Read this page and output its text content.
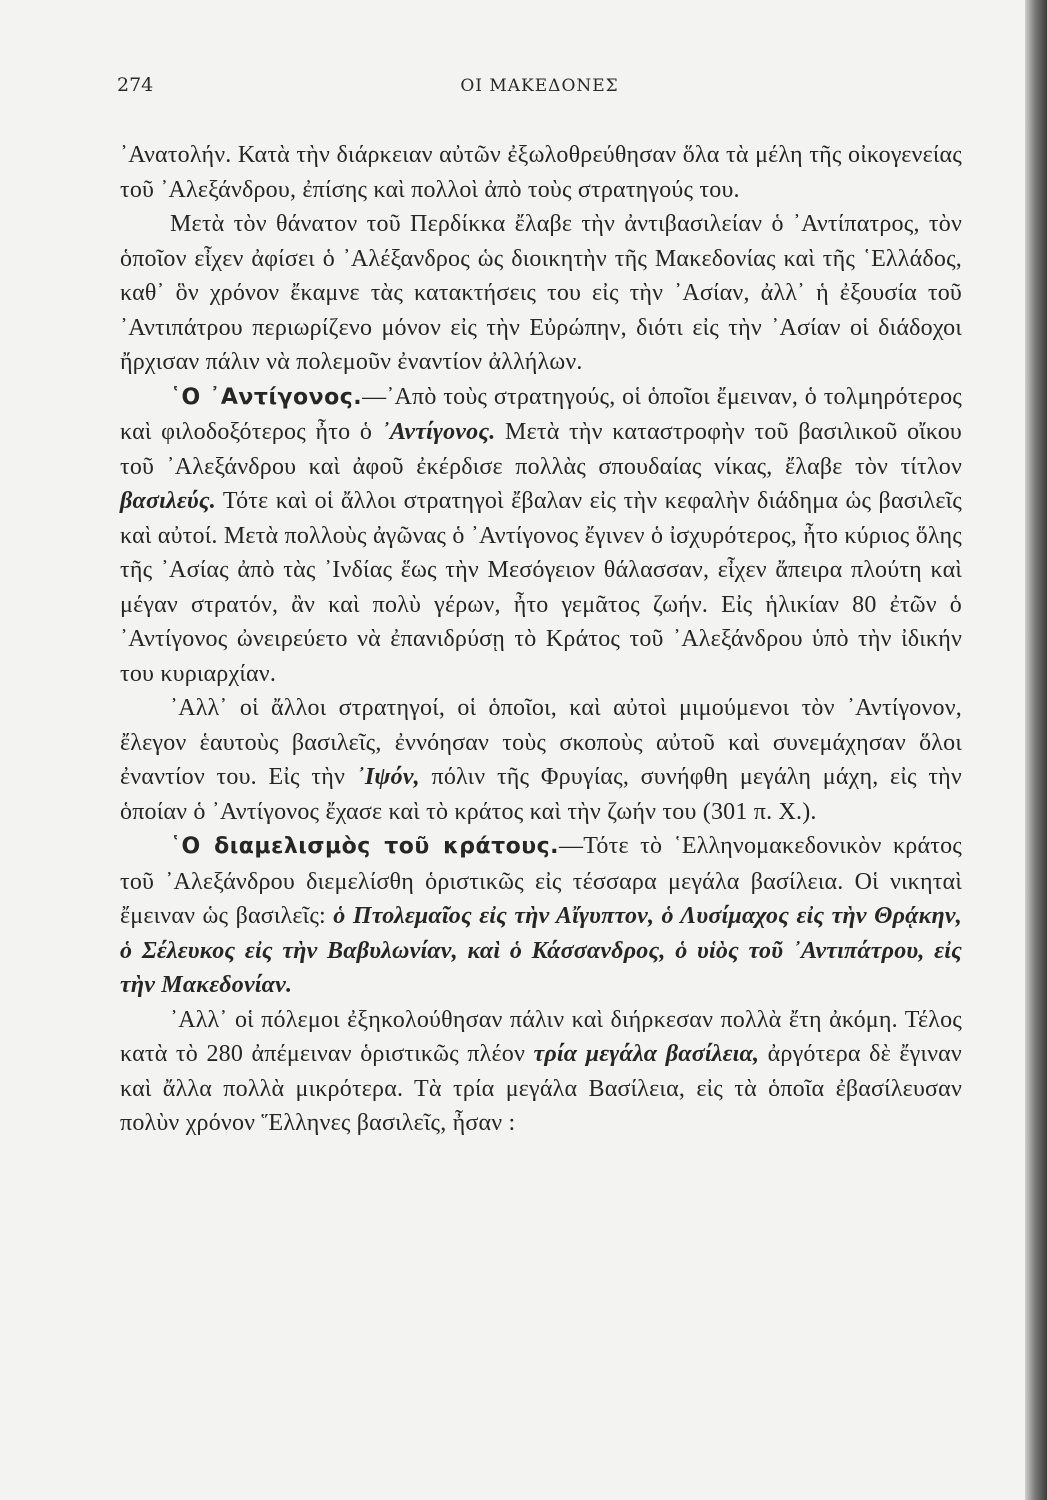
274	ΟΙ ΜΑΚΕΔΟΝΕΣ

᾿Ανατολήν. Κατὰ τὴν διάρκειαν αὐτῶν ἐξωλοθρεύθησαν ὅλα τὰ μέλη τῆς οἰκογενείας τοῦ ᾿Αλεξάνδρου, ἐπίσης καὶ πολλοὶ ἀπὸ τοὺς στρατηγούς του.

Μετὰ τὸν θάνατον τοῦ Περδίκκα ἔλαβε τὴν ἀντιβασιλείαν ὁ ᾿Αντίπατρος, τὸν ὁποῖον εἶχεν ἀφίσει ὁ ᾿Αλέξανδρος ὡς διοικητὴν τῆς Μακεδονίας καὶ τῆς ῾Ελλάδος, καθ᾿ ὃν χρόνον ἔκαμνε τὰς κατακτήσεις του εἰς τὴν ᾿Ασίαν, ἀλλ᾿ ἡ ἐξουσία τοῦ ᾿Αντιπάτρου περιωρίζενο μόνον εἰς τὴν Εὐρώπην, διότι εἰς τὴν ᾿Ασίαν οἱ διάδοχοι ἤρχισαν πάλιν νὰ πολεμοῦν ἐναντίον ἀλλήλων.

῾Ο ᾿Αντίγονος.—᾿Απὸ τοὺς στρατηγούς, οἱ ὁποῖοι ἔμειναν, ὁ τολμηρότερος καὶ φιλοδοξότερος ἦτο ὁ ᾿Αντίγονος. Μετὰ τὴν καταστροφὴν τοῦ βασιλικοῦ οἴκου τοῦ ᾿Αλεξάνδρου καὶ ἀφοῦ ἐκέρδισε πολλὰς σπουδαίας νίκας, ἔλαβε τὸν τίτλον βασιλεύς. Τότε καὶ οἱ ἄλλοι στρατηγοὶ ἔβαλαν εἰς τὴν κεφαλὴν διάδημα ὡς βασιλεῖς καὶ αὐτοί. Μετὰ πολλοὺς ἀγῶνας ὁ ᾿Αντίγονος ἔγινεν ὁ ἰσχυρότερος, ἦτο κύριος ὅλης τῆς ᾿Ασίας ἀπὸ τὰς ᾿Ινδίας ἕως τὴν Μεσόγειον θάλασσαν, εἶχεν ἄπειρα πλούτη καὶ μέγαν στρατόν, ἂν καὶ πολὺ γέρων, ἦτο γεμᾶτος ζωήν. Εἰς ἡλικίαν 80 ἐτῶν ὁ ᾿Αντίγονος ὠνειρεύετο νὰ ἐπανιδρύσῃ τὸ Κράτος τοῦ ᾿Αλεξάνδρου ὑπὸ τὴν ἰδικήν του κυριαρχίαν.

᾿Αλλ᾿ οἱ ἄλλοι στρατηγοί, οἱ ὁποῖοι, καὶ αὐτοὶ μιμούμενοι τὸν ᾿Αντίγονον, ἔλεγον ἑαυτοὺς βασιλεῖς, ἐννόησαν τοὺς σκοποὺς αὐτοῦ καὶ συνεμάχησαν ὅλοι ἐναντίον του. Εἰς τὴν ᾿Ιψόν, πόλιν τῆς Φρυγίας, συνήφθη μεγάλη μάχη, εἰς τὴν ὁποίαν ὁ ᾿Αντίγονος ἔχασε καὶ τὸ κράτος καὶ τὴν ζωήν του (301 π. Χ.).

῾Ο διαμελισμὸς τοῦ κράτους.—Τότε τὸ ῾Ελληνομακεδονικὸν κράτος τοῦ ᾿Αλεξάνδρου διεμελίσθη ὁριστικῶς εἰς τέσσαρα μεγάλα βασίλεια. Οἱ νικηταὶ ἔμειναν ὡς βασιλεῖς: ὁ Πτολεμαῖος εἰς τὴν Αἴγυπτον, ὁ Λυσίμαχος εἰς τὴν Θρᾴκην, ὁ Σέλευκος εἰς τὴν Βαβυλωνίαν, καὶ ὁ Κάσσανδρος, ὁ υἱὸς τοῦ ᾿Αντιπάτρου, εἰς τὴν Μακεδονίαν.

᾿Αλλ᾿ οἱ πόλεμοι ἐξηκολούθησαν πάλιν καὶ διήρκεσαν πολλὰ ἔτη ἀκόμη. Τέλος κατὰ τὸ 280 ἀπέμειναν ὁριστικῶς πλέον τρία μεγάλα βασίλεια, ἀργότερα δὲ ἔγιναν καὶ ἄλλα πολλὰ μικρότερα. Τὰ τρία μεγάλα Βασίλεια, εἰς τὰ ὁποῖα ἐβασίλευσαν πολὺν χρόνον Ἕλληνες βασιλεῖς, ἦσαν :
